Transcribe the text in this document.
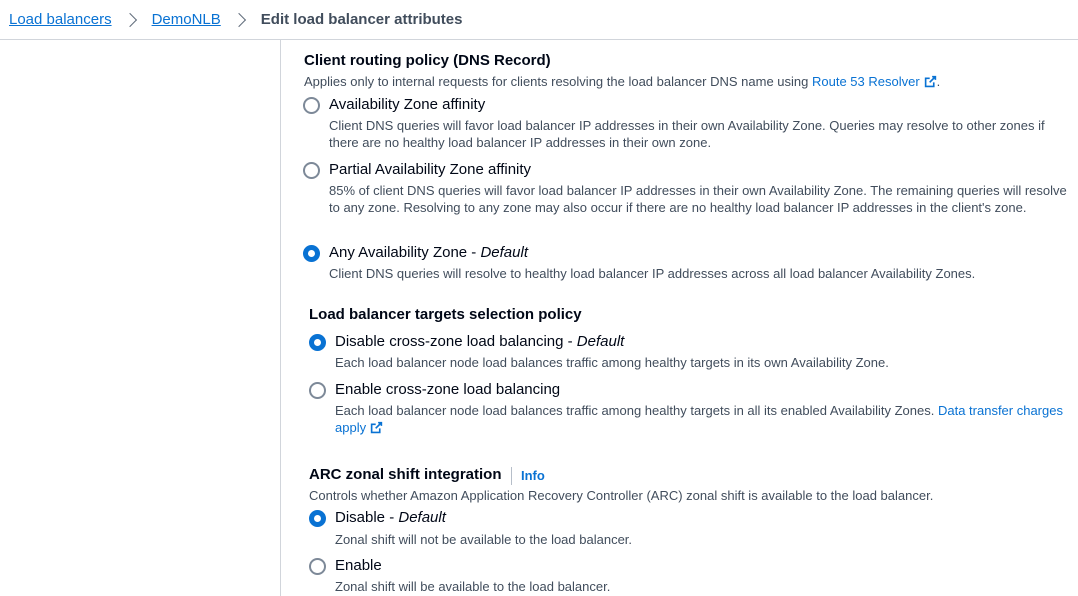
Load balancers	DemoNLB	Edit load balancer attributes
Client routing policy (DNS Record)
Applies only to internal requests for clients resolving the load balancer DNS name using Route 53 Resolver .
Availability Zone affinity
Client DNS queries will favor load balancer IP addresses in their own Availability Zone. Queries may resolve to other zones if there are no healthy load balancer IP addresses in their own zone.
Partial Availability Zone affinity
85% of client DNS queries will favor load balancer IP addresses in their own Availability Zone. The remaining queries will resolve to any zone. Resolving to any zone may also occur if there are no healthy load balancer IP addresses in the client's zone.
Any Availability Zone - Default
Client DNS queries will resolve to healthy load balancer IP addresses across all load balancer Availability Zones.
Load balancer targets selection policy
Disable cross-zone load balancing - Default
Each load balancer node load balances traffic among healthy targets in its own Availability Zone.
Enable cross-zone load balancing
Each load balancer node load balances traffic among healthy targets in all its enabled Availability Zones. Data transfer charges apply
ARC zonal shift integration Info
Controls whether Amazon Application Recovery Controller (ARC) zonal shift is available to the load balancer.
Disable - Default
Zonal shift will not be available to the load balancer.
Enable
Zonal shift will be available to the load balancer.
